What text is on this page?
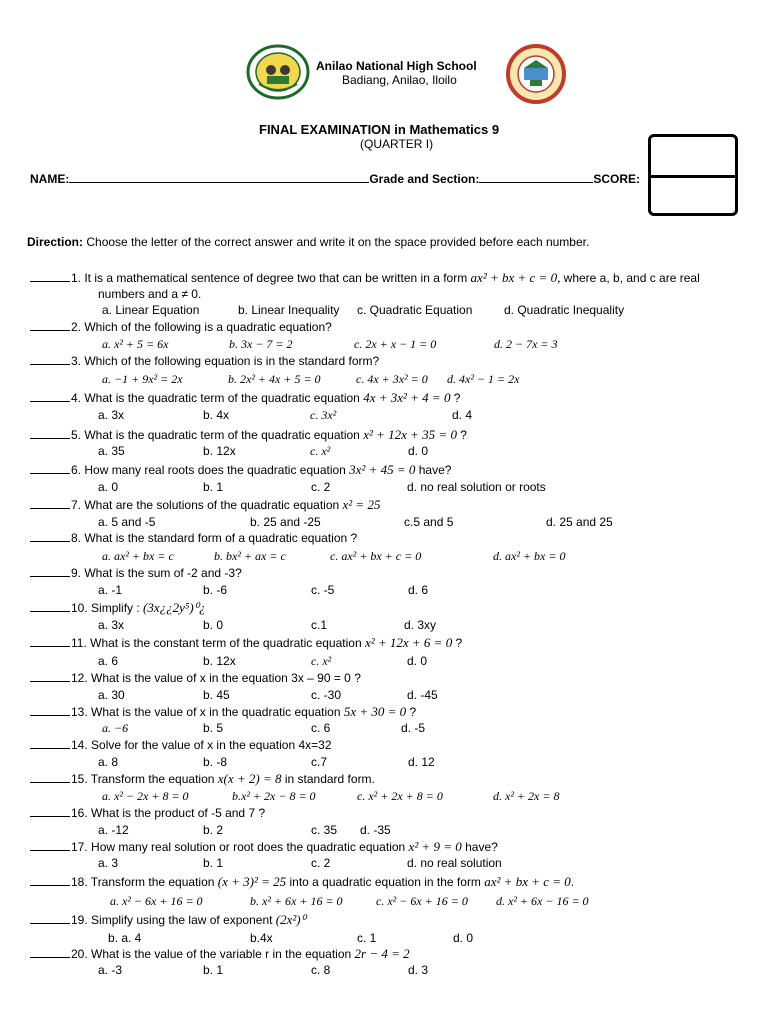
Anilao National High School
Badiang, Anilao, Iloilo
FINAL EXAMINATION in Mathematics 9
(QUARTER I)
NAME:	Grade and Section:	SCORE:
Direction: Choose the letter of the correct answer and write it on the space provided before each number.
1. It is a mathematical sentence of degree two that can be written in a form ax² + bx + c = 0, where a, b, and c are real
numbers and a ≠ 0.
a. Linear Equation	b. Linear Inequality c. Quadratic Equation	d. Quadratic Inequality
2. Which of the following is a quadratic equation?
a. x² + 5 = 6x	b. 3x − 7 = 2	c. 2x + x − 1 = 0	d. 2 − 7x = 3
3. Which of the following equation is in the standard form?
a. −1 + 9x² = 2x	b. 2x² + 4x + 5 = 0	c. 4x + 3x² = 0 d. 4x² − 1 = 2x
4. What is the quadratic term of the quadratic equation 4x + 3x² + 4 = 0 ?
a. 3x	b. 4x	c. 3x²	d. 4
5. What is the quadratic term of the quadratic equation x² + 12x + 35 = 0 ?
a. 35	b. 12x	c. x²	d. 0
6. How many real roots does the quadratic equation 3x² + 45 = 0 have?
a. 0	b. 1	c. 2	d. no real solution or roots
7. What are the solutions of the quadratic equation x² = 25
a. 5 and -5	b. 25 and -25	c.5 and 5	d. 25 and 25
8. What is the standard form of a quadratic equation ?
a. ax² + bx = c	b. bx² + ax = c	c. ax² + bx + c = 0	d. ax² + bx = 0
9. What is the sum of -2 and -3?
a. -1	b. -6	c. -5	d. 6
10. Simplify : (3x¿¿2y⁵)⁰¿
a. 3x	b. 0	c.1	d. 3xy
11. What is the constant term of the quadratic equation x² + 12x + 6 = 0 ?
a. 6	b. 12x	c. x²	d. 0
12. What is the value of x in the equation 3x – 90 = 0 ?
a. 30	b. 45	c. -30	d. -45
13. What is the value of x in the quadratic equation 5x + 30 = 0 ?
a. −6	b. 5	c. 6	d. -5
14. Solve for the value of x in the equation 4x=32
a. 8	b. -8	c.7	d. 12
15. Transform the equation x(x + 2) = 8 in standard form.
a. x² − 2x + 8 = 0	b.x² + 2x − 8 = 0	c. x² + 2x + 8 = 0	d. x² + 2x = 8
16. What is the product of -5 and 7 ?
a. -12	b. 2	c. 35 d. -35
17. How many real solution or root does the quadratic equation x² + 9 = 0 have?
a. 3	b. 1	c. 2	d. no real solution
18. Transform the equation (x + 3)² = 25 into a quadratic equation in the form ax² + bx + c = 0.
a. x² − 6x + 16 = 0	b. x² + 6x + 16 = 0	c. x² − 6x + 16 = 0 d. x² + 6x − 16 = 0
19. Simplify using the law of exponent (2x²)⁰
b. a. 4	b.4x	c. 1	d. 0
20. What is the value of the variable r in the equation 2r − 4 = 2
a. -3	b. 1	c. 8	d. 3
